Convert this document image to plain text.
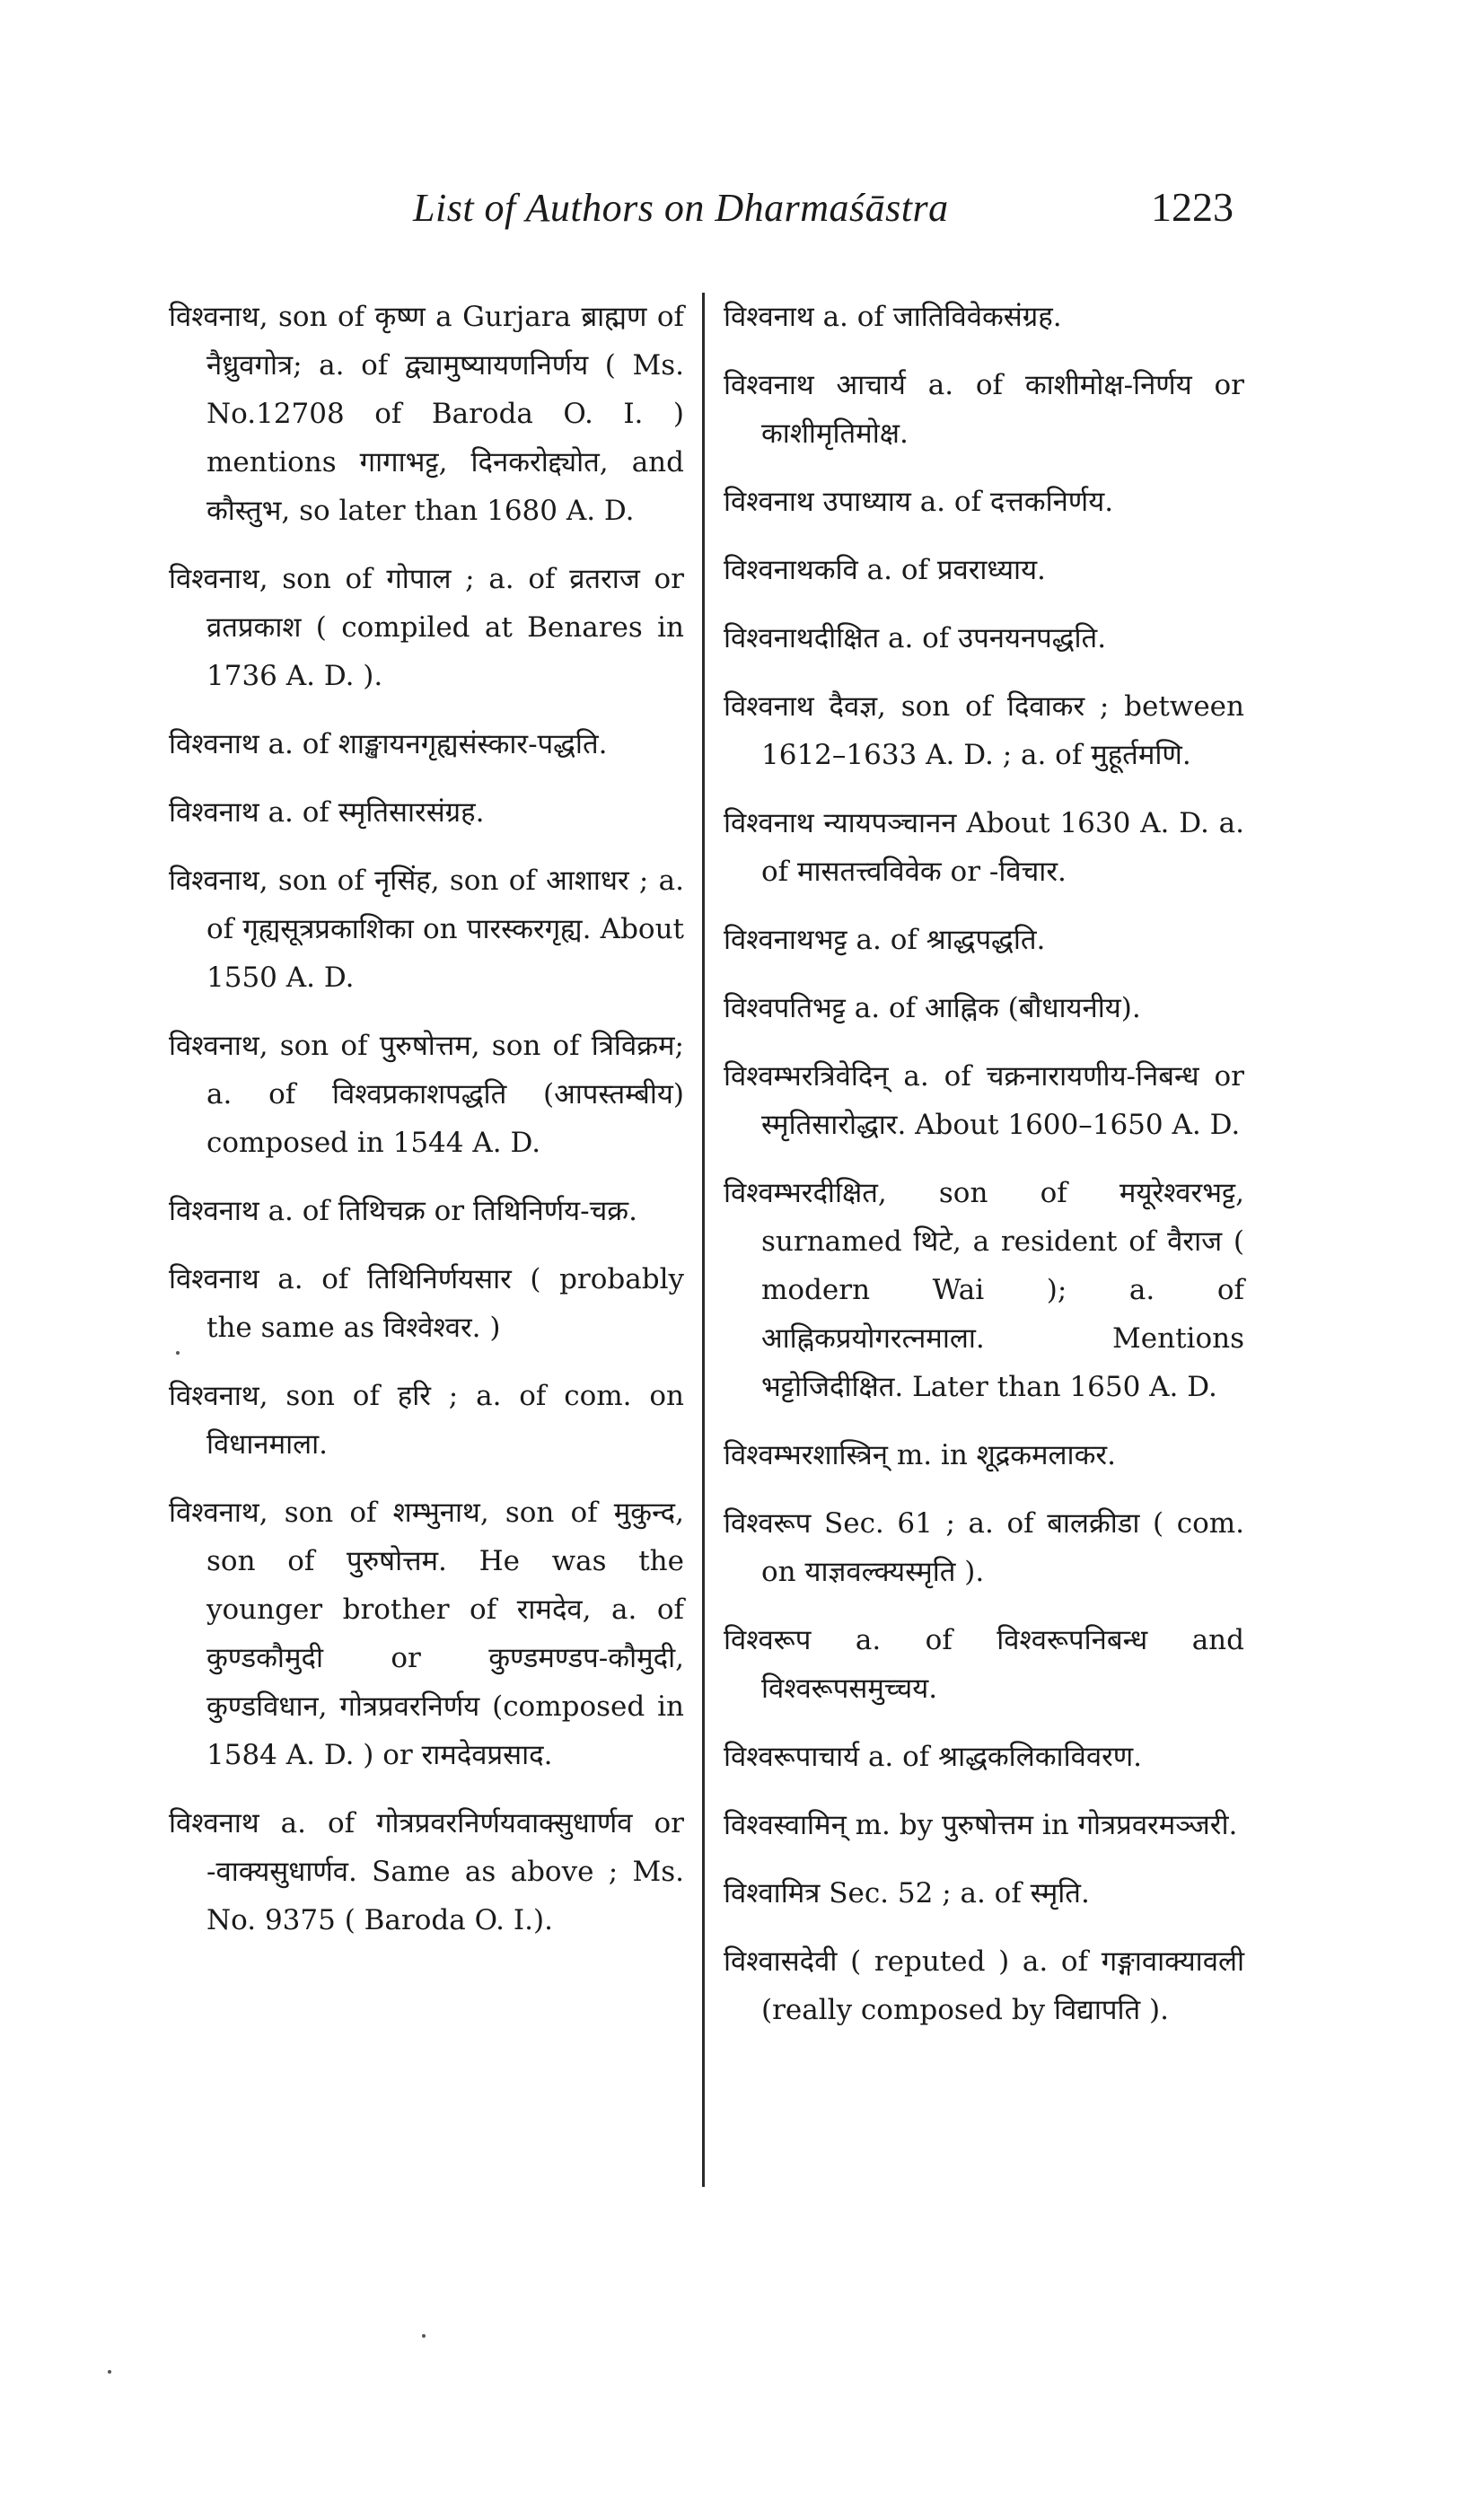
List of Authors on Dharmaśāstra	1223

विश्वनाथ, son of कृष्ण a Gurjara ब्राह्मण of नैध्रुवगोत्र; a. of द्व्यामुष्यायणनिर्णय ( Ms. No.12708 of Baroda O. I. ) mentions गागाभट्ट, दिनकरोद्द्योत, and कौस्तुभ, so later than 1680 A. D.

विश्वनाथ, son of गोपाल ; a. of व्रतराज or व्रतप्रकाश ( compiled at Benares in 1736 A. D. ).

विश्वनाथ a. of शाङ्खायनगृह्यसंस्कार-पद्धति.

विश्वनाथ a. of स्मृतिसारसंग्रह.

विश्वनाथ, son of नृसिंह, son of आशाधर ; a. of गृह्यसूत्रप्रकाशिका on पारस्करगृह्य. About 1550 A. D.

विश्वनाथ, son of पुरुषोत्तम, son of त्रिविक्रम; a. of विश्वप्रकाशपद्धति (आपस्तम्बीय) composed in 1544 A. D.

विश्वनाथ a. of तिथिचक्र or तिथिनिर्णय-चक्र.

विश्वनाथ a. of तिथिनिर्णयसार ( probably the same as विश्वेश्वर. )

विश्वनाथ, son of हरि ; a. of com. on विधानमाला.

विश्वनाथ, son of शम्भुनाथ, son of मुकुन्द, son of पुरुषोत्तम. He was the younger brother of रामदेव, a. of कुण्डकौमुदी or कुण्डमण्डप-कौमुदी, कुण्डविधान, गोत्रप्रवरनिर्णय (composed in 1584 A. D. ) or रामदेवप्रसाद.

विश्वनाथ a. of गोत्रप्रवरनिर्णयवाक्सुधार्णव or -वाक्यसुधार्णव. Same as above ; Ms. No. 9375 ( Baroda O. I.).

विश्वनाथ a. of जातिविवेकसंग्रह.

विश्वनाथ आचार्य a. of काशीमोक्ष-निर्णय or काशीमृतिमोक्ष.

विश्वनाथ उपाध्याय a. of दत्तकनिर्णय.

विश्वनाथकवि a. of प्रवराध्याय.

विश्वनाथदीक्षित a. of उपनयनपद्धति.

विश्वनाथ दैवज्ञ, son of दिवाकर ; between 1612–1633 A. D. ; a. of मुहूर्तमणि.

विश्वनाथ न्यायपञ्चानन About 1630 A. D. a. of मासतत्त्वविवेक or -विचार.

विश्वनाथभट्ट a. of श्राद्धपद्धति.

विश्वपतिभट्ट a. of आह्निक (बौधायनीय).

विश्वम्भरत्रिवेदिन् a. of चक्रनारायणीय-निबन्ध or स्मृतिसारोद्धार. About 1600–1650 A. D.

विश्वम्भरदीक्षित, son of मयूरेश्वरभट्ट, surnamed थिटे, a resident of वैराज ( modern Wai ); a. of आह्निकप्रयोगरत्नमाला. Mentions भट्टोजिदीक्षित. Later than 1650 A. D.

विश्वम्भरशास्त्रिन् m. in शूद्रकमलाकर.

विश्वरूप Sec. 61 ; a. of बालक्रीडा ( com. on याज्ञवल्क्यस्मृति ).

विश्वरूप a. of विश्वरूपनिबन्ध and विश्वरूपसमुच्चय.

विश्वरूपाचार्य a. of श्राद्धकलिकाविवरण.

विश्वस्वामिन् m. by पुरुषोत्तम in गोत्रप्रवरमञ्जरी.

विश्वामित्र Sec. 52 ; a. of स्मृति.

विश्वासदेवी ( reputed ) a. of गङ्गावाक्यावली (really composed by विद्यापति ).
